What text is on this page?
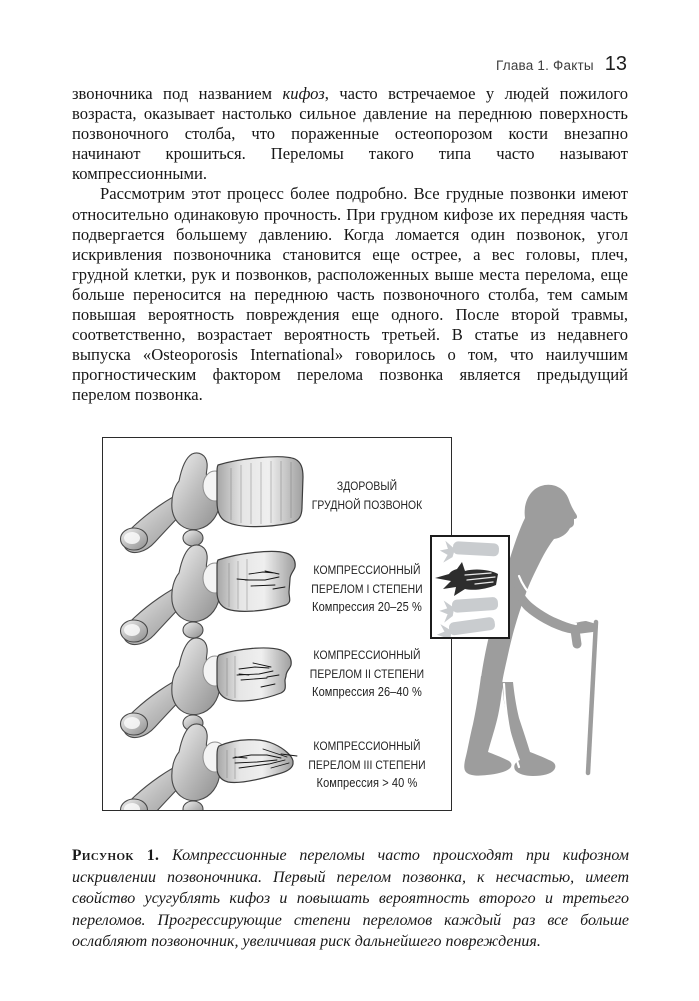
Глава 1. Факты 13

звоночника под названием кифоз, часто встречаемое у людей пожилого возраста, оказывает настолько сильное давление на переднюю поверхность позвоночного столба, что пораженные остеопорозом кости внезапно начинают крошиться. Переломы такого типа часто называют компрессионными.

Рассмотрим этот процесс более подробно. Все грудные позвонки имеют относительно одинаковую прочность. При грудном кифозе их передняя часть подвергается большему давлению. Когда ломается один позвонок, угол искривления позвоночника становится еще острее, а вес головы, плеч, грудной клетки, рук и позвонков, расположенных выше места перелома, еще больше переносится на переднюю часть позвоночного столба, тем самым повышая вероятность повреждения еще одного. После второй травмы, соответственно, возрастает вероятность третьей. В статье из недавнего выпуска «Osteoporosis International» говорилось о том, что наилучшим прогностическим фактором перелома позвонка является предыдущий перелом позвонка.

ЗДОРОВЫЙ
ГРУДНОЙ ПОЗВОНОК
КОМПРЕССИОННЫЙ
ПЕРЕЛОМ I СТЕПЕНИ
Компрессия 20–25 %
КОМПРЕССИОННЫЙ
ПЕРЕЛОМ II СТЕПЕНИ
Компрессия 26–40 %
КОМПРЕССИОННЫЙ
ПЕРЕЛОМ III СТЕПЕНИ
Компрессия > 40 %

Рисунок 1. Компрессионные переломы часто происходят при кифозном искривлении позвоночника. Первый перелом позвонка, к несчастью, имеет свойство усугублять кифоз и повышать вероятность второго и третьего переломов. Прогрессирующие степени переломов каждый раз все больше ослабляют позвоночник, увеличивая риск дальнейшего повреждения.
